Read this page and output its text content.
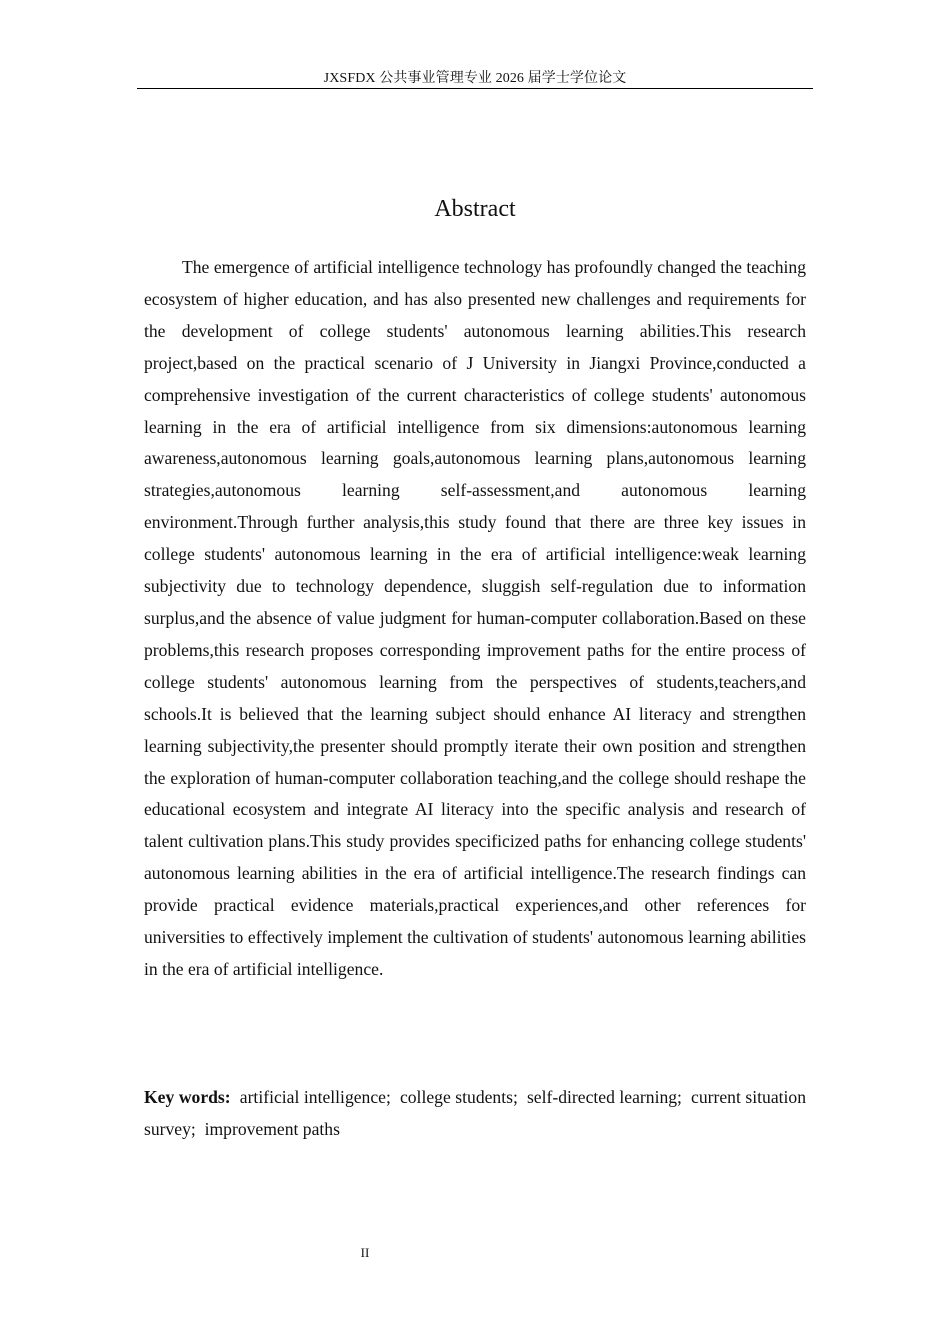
JXSFDX 公共事业管理专业 2026 届学士学位论文
Abstract

The emergence of artificial intelligence technology has profoundly changed the teaching ecosystem of higher education, and has also presented new challenges and requirements for the development of college students' autonomous learning abilities.This research project,based on the practical scenario of J University in Jiangxi Province,conducted a comprehensive investigation of the current characteristics of college students' autonomous learning in the era of artificial intelligence from six dimensions:autonomous learning awareness,autonomous learning goals,autonomous learning plans,autonomous learning strategies,autonomous learning self-assessment,and autonomous learning environment.Through further analysis,this study found that there are three key issues in college students' autonomous learning in the era of artificial intelligence:weak learning subjectivity due to technology dependence, sluggish self-regulation due to information surplus,and the absence of value judgment for human-computer collaboration.Based on these problems,this research proposes corresponding improvement paths for the entire process of college students' autonomous learning from the perspectives of students,teachers,and schools.It is believed that the learning subject should enhance AI literacy and strengthen learning subjectivity,the presenter should promptly iterate their own position and strengthen the exploration of human-computer collaboration teaching,and the college should reshape the educational ecosystem and integrate AI literacy into the specific analysis and research of talent cultivation plans.This study provides specificized paths for enhancing college students' autonomous learning abilities in the era of artificial intelligence.The research findings can provide practical evidence materials,practical experiences,and other references for universities to effectively implement the cultivation of students' autonomous learning abilities in the era of artificial intelligence.

Key words: artificial intelligence;  college students;  self-directed learning;  current situation survey;  improvement paths

II
